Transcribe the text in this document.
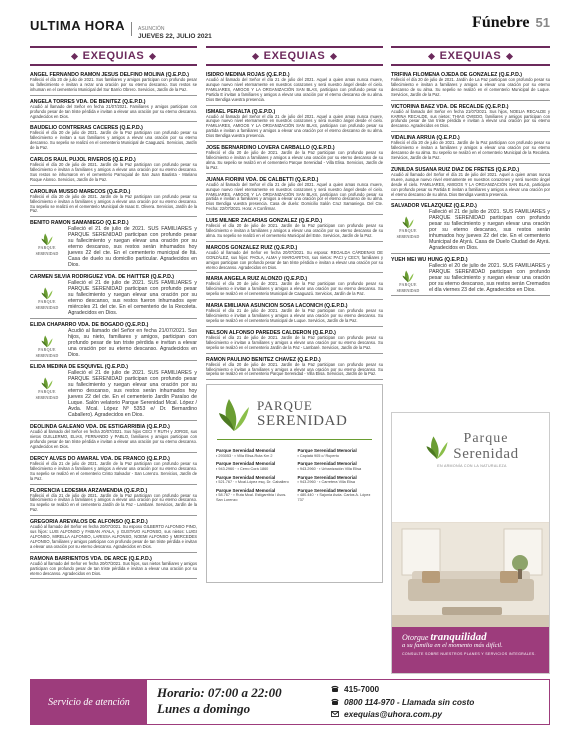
ULTIMA HORA	ASUNCIÓN
JUEVES 22, JULIO 2021
Fúnebre 51
EXEQUIAS
ANGEL FERNANDO RAMON JESUS DELFINO MOLINA (Q.E.P.D.)
Falleció el día 20 de julio de 2021. Sus familiares y amigos participan con profundo pesar su fallecimiento e invitan a rezar una oración por su eterno descanso. Sus restos se inhuman en el cementerio Municipal del Sur Barrio Obrero. Servicios, Jardín de la Paz.
ANGELA TORRES VDA. DE BENITEZ (Q.E.P.D.)
Acudió al llamado del Señor en fecha 21/07/2021. Familiares y amigos participan con profundo pesar de tan triste pérdida e invitan a elevar una oración por su eterno descanso. Agradecidos en Dios.
BAUDELIO CONTRERAS CACERES (Q.E.P.D.)
Falleció el día 20 de julio de 2021. Jardín de la Paz participan con profundo pesar su fallecimiento e invitan a sus familiares y amigos a elevar una oración por su eterno descanso. Su sepelio se realizó en el cementerio Municipal de Caaguazú. Servicios, Jardín de la Paz.
CARLOS RAUL PUJOL RIVEROS (Q.E.P.D.)
Falleció el día 20 de julio de 2021. Jardín de la Paz participan con profundo pesar su fallecimiento e invitan a familiares y amigos a elevar una oración por su eterno descanso. Sus restos se inhumaron en el cementerio Parroquial de San Juan Bautista - Mariano Roque Alonso. Servicios, Jardín de la Paz.
CAROLINA MUSSO MARECOS (Q.E.P.D.)
Falleció el día 20 de julio de 2021. Jardín de la Paz participan con profundo pesar su fallecimiento e invitan a familiares y amigos a elevar una oración por su eterno descanso. Su sepelio se realizó en el cementerio Municipal de Isaac E. Olivera. Servicios, Jardín de la Paz.
BENITO RAMON SAMANIEGO (Q.E.P.D.)
PARQUE
SERENIDAD
Falleció el 21 de julio de 2021. SUS FAMILIARES y PARQUE SERENIDAD participan con profundo pesar su fallecimiento y ruegan elevar una oración por su eterno descanso, sus restos serán inhumados hoy jueves 22 del cte. En el cementerio municipal de Itá. Casa de duelo su domicilio particular. Agradecidos en Dios.
CARMEN SILVIA RODRIGUEZ VDA. DE HAITTER (Q.E.P.D.)
PARQUE
SERENIDAD
Falleció el 21 de julio de 2021. SUS FAMILIARES y PARQUE SERENIDAD participan con profundo pesar su fallecimiento y ruegan elevar una oración por su eterno descanso, sus restos fueron inhumados ayer miércoles 21 del cte. En el cementerio de la Recoleta. Agradecidos en Dios.
ELIDA CHAPARRO VDA. DE BOGADO (Q.E.P.D.)
PARQUE
SERENIDAD
Acudió al llamado del Señor en fecha 21/07/2021. Sus hijos, su nieto, familiares y amigos, participan con profundo pesar de tan triste pérdida e invitan a elevar una oración por su eterno descanso. Agradecidos en Dios.
ELIDA MEDINA DE ESQUIVEL (Q.E.P.D.)
PARQUE
SERENIDAD
Falleció el 21 de julio de 2021. SUS FAMILIARES y PARQUE SERENIDAD participan con profundo pesar su fallecimiento y ruegan elevar una oración por su eterno descanso, sus restos serán inhumados hoy jueves 22 del cte. En el cementerio Jardín Paraíso de Luque. Salón velatorio Parque Serenidad Mcal. López / Avda. Mcal. López Nº 5353 e/ Dr. Bernardino Caballero). Agradecidos en Dios.
DEOLINDA GALEANO VDA. DE ESTIGARRIBIA (Q.E.P.D.)
Acudió al llamado del Señor en fecha 20/07/2021. Sus hijos CECI Y RUTH y JORGE, sus nietos GUILLERMO, ELIAS, FERNANDO y PABLO, familiares y amigos participan con profundo pesar de tan triste pérdida e invitan a elevar una oración por su eterno descanso. Agradecidos en Dios.
DERCY ALVES DO AMARAL VDA. DE FRANCO (Q.E.P.D.)
Falleció el día 21 de julio de 2021. Jardín de la Paz participan con profundo pesar su fallecimiento e invitan a familiares y amigos a elevar una oración por su eterno descanso. Su sepelio se realizó en el cementerio Cristo Salvador - San Lorenzo. Servicios, Jardín de la Paz.
FLORENCIA LEDESMA ARZAMENDIA (Q.E.P.D.)
Falleció el día 21 de julio de 2021. Jardín de la Paz participan con profundo pesar su fallecimiento e invitan a familiares y amigos a elevar una oración por su eterno descanso. Su sepelio se realizó en el cementerio Jardín de la Paz - Lambaré. Servicios, Jardín de la Paz.
GREGORIA AREVALOS DE ALFONSO (Q.E.P.D.)
Acudió al llamado del Señor en fecha 20/07/2021. Su esposo GILBERTO ALFONSO PINO, sus hijos: LUIS ALFONSO y FABIAN AYALA, y GUSTAVO ALFONSO, sus nietos: LUIGI ALFONSO, MIRELLA ALFONSO, LARISSA ALFONSO, NOEMI ALFONSO y MERCEDES ALFONSO, familiares y amigos participan con profundo pesar de tan triste pérdida e invitan a elevar una oración por su eterno descanso. Agradecidos en Dios.
RAMONA BARRIENTOS VDA. DE ARCE (Q.E.P.D.)
Acudió al llamado del Señor en fecha 20/07/2021. Sus hijos, sus nietos familiares y amigos participan con profundo pesar de tan triste pérdida e invitan a elevar una oración por su eterno descanso. Agradecidos en Dios.
EXEQUIAS
ISIDRO MEDINA ROJAS (Q.E.P.D.)
Acudió al llamado del Señor el día 21 de julio del 2021. Aquel a quien amas nunca muere, aunque nuevo nivel eternamente en nuestros corazones y será nuestro ángel desde el cielo. FAMILIARES, AMIGOS Y LA ORGANIZACIÓN SAN BLAS, participan con profundo pesar su Partida E invitan a familiares y amigos a elevar una oración por el eterno descanso de su alma. Dios Bendiga vuestra presencia.
ISMAEL PERALTA (Q.E.P.D.)
Acudió al llamado del Señor el día 21 de julio del 2021. Aquel a quien amas nunca muere, aunque nuevo nivel eternamente en nuestros corazones y será nuestro ángel desde el cielo. FAMILIARES, AMIGOS Y LA ORGANIZACIÓN SAN BLAS, participan con profundo pesar su partida e invitan a familiares y amigos a elevar una oración por el eterno descanso de su alma. Dios Bendiga vuestra presencia.
JOSE BERNARDINO LOVERA CARBALLO (Q.E.P.D.)
Falleció el día 20 de julio de 2021. Jardín de la Paz participan con profundo pesar su fallecimiento e invitan a familiares y amigos a elevar una oración por su eterno descanso de su alma. Su sepelio se realizó en el cementerio Parque Serenidad - Villa Elisa. Servicios, Jardín de la Paz.
JUANA FIORINI VDA. DE CALBETTI (Q.E.P.D.)
Acudió al llamado del Señor el día 21 de julio del 2021. Aquel a quien amas nunca muere, aunque nuevo nivel eternamente en nuestros corazones y será nuestro ángel desde el cielo. FAMILIARES, AMIGOS Y LA ORGANIZACIÓN SAN BLAS, participan con profundo pesar su partida e invitan a familiares y amigos a elevar una oración por el eterno descanso de su alma. Dios Bendiga vuestra presencia. Casa de duelo: Domicilio Salón Cruz Samaniego. Del Cte. Fecha: 22/07/2021. Hora: A Confirmar.
LUIS MILNER ZACARIAS GONZALEZ (Q.E.P.D.)
Falleció el día 20 de julio de 2021. Jardín de la Paz participan con profundo pesar su fallecimiento e invitan a familiares y amigos a elevar una oración por su eterno descanso de su alma. Su sepelio se realizó en el cementerio Municipal del Este. Servicios, Jardín de la Paz.
MARCOS GONZALEZ RUIZ (Q.E.P.D.)
Acudió al llamado del Señor en fecha 20/07/2021. Su esposa: REGALDA CÁRDENAS DE GONZÁLEZ, sus hijos: PAOLA, ALMA y MARGARITAS, sus nietos: PACI y CECY, familiares y amigos participan con profundo pesar de tan triste pérdida e invitan a elevar una oración por su eterno descanso. Agradecidos en Dios.
MARIA ANGELA RUIZ ALONZO (Q.E.P.D.)
Falleció el día 20 de julio de 2021. Jardín de la Paz participan con profundo pesar su fallecimiento e invitan a familiares y amigos a elevar una oración por su eterno descanso. Su sepelio se realizó en el cementerio Municipal de Caaguazú. Servicios, Jardín de la Paz.
MARIA EMILIANA ASUNCION SOSA LACONICH (Q.E.P.D.)
Falleció el día 21 de julio de 2021. Jardín de la Paz participan con profundo pesar su fallecimiento e invitan a familiares y amigos a elevar una oración por su eterno descanso. Su sepelio se realizó en el cementerio Municipal de Luque. Servicios, Jardín de la Paz.
NELSON ALFONSO PAREDES CALDERON (Q.E.P.D.)
Falleció el día 21 de julio de 2021. Jardín de la Paz participan con profundo pesar su fallecimiento e invitan a familiares y amigos a elevar una oración por su eterno descanso. Su sepelio se realizó en el cementerio Jardín de la Paz - Lambaré. Servicios, Jardín de la Paz.
RAMON PAULINO BENITEZ CHAVEZ (Q.E.P.D.)
Falleció el día 20 de julio de 2021. Jardín de la Paz participan con profundo pesar su fallecimiento e invitan a familiares y amigos a elevar una oración por su eterno descanso. Su sepelio se realizó en el cementerio Parque Serenidad - Villa Elisa. Servicios, Jardín de la Paz.
PARQUE
SERENIDAD
Parque Serenidad Memorial
▪ 293053 · ▪ Villa Elisa-Ruta Km 2
Parque Serenidad Memorial
▪ Capiatá 905 c/ Ruperto
Parque Serenidad Memorial
▪ 943.2960 · ▪ Cerro Corá 1860
Parque Serenidad Memorial
▪ 943.2960 · ▪ Urbanización Villa Elisa
Parque Serenidad Memorial
▪ 521.767 · ▪ Mcal.López esq. Dr. Caballero
Parque Serenidad Memorial
▪ 943.2960 · ▪ Carretera Villa Elisa
Parque Serenidad Memorial
▪ 58.767 · ▪ Ruta Mcal. Estigarribia / Avos. San Lorenzo
Parque Serenidad Memorial
▪ 480.440 · ▪ Sajonia Avda. Carlos A. López 737
EXEQUIAS
TRIFINA FILOMENA OJEDA DE GONZALEZ (Q.E.P.D.)
Falleció el día 20 de julio de 2021. Jardín de La Paz participan con profundo pesar su fallecimiento e invitan a familiares y amigos a elevar una oración por su eterno descanso de su alma. Su sepelio se realizó en el cementerio Municipal de Luque. Servicios, Jardín de la Paz.
VICTORINA BAEZ VDA. DE RECALDE (Q.E.P.D.)
Acudió al llamado del Señor en fecha 21/07/2021. Sus hijos, NOELIA RECALDE y KARINA RECALDE, sus nietos: THIAS OVIEDO, familiares y amigos participan con profundo pesar de tan triste pérdida e invitan a elevar una oración por su eterno descanso. Agradecidos en Dios.
VIDALINA ARRUA (Q.E.P.D.)
Falleció el día 20 de julio de 2021. Jardín de la Paz participan con profundo pesar su fallecimiento e invitan a familiares y amigos a elevar una oración por su eterno descanso de su alma. Su sepelio se realizó en el cementerio Municipal de la Recoleta. Servicios, Jardín de la Paz.
ZUNILDA SUSANA RUIZ DIAZ DE FRETES (Q.E.P.D.)
Acudió al llamado del Señor el día 21 de julio del 2021. Aquel a quien amas nunca muere, aunque nuevo nivel eternamente en nuestros corazones y será nuestro ángel desde el cielo. FAMILIARES, AMIGOS Y LA ORGANIZACIÓN SAN BLAS, participan con profundo pesar su Partida E invitan a familiares y amigos a elevar una oración por el eterno descanso de su alma. Dios Bendiga vuestra presencia.
SALVADOR VELAZQUEZ (Q.E.P.D.)
PARQUE
SERENIDAD
Falleció el 21 de julio de 2021. SUS FAMILIARES y PARQUE SERENIDAD participan con profundo pesar su fallecimiento y ruegan elevar una oración por su eterno descanso, sus restos serán inhumados hoy jueves 22 del cte. En el cementerio Municipal de Atyrá. Casa de Duelo Ciudad de Atyrá. Agradecidos en Dios.
YUEH MEI WU HUNG (Q.E.P.D.)
PARQUE
SERENIDAD
Falleció el 20 de julio de 2021. SUS FAMILIARES y PARQUE SERENIDAD participan con profundo pesar su fallecimiento y ruegan elevar una oración por su eterno descanso, sus restos serán Cremados el día viernes 23 del cte. Agradecidos en Dios.
Parque
Serenidad
EN ARMONÍA CON LA NATURALEZA
Otorgue tranquilidad
a su familia en el momento más difícil.
CONSULTE SOBRE NUESTROS PLANES Y SERVICIOS INTEGRALES.
Servicio de atención
Horario: 07:00 a 22:00
Lunes a domingo
415-7000
0800 114-970 - Llamada sin costo
exequias@uhora.com.py
